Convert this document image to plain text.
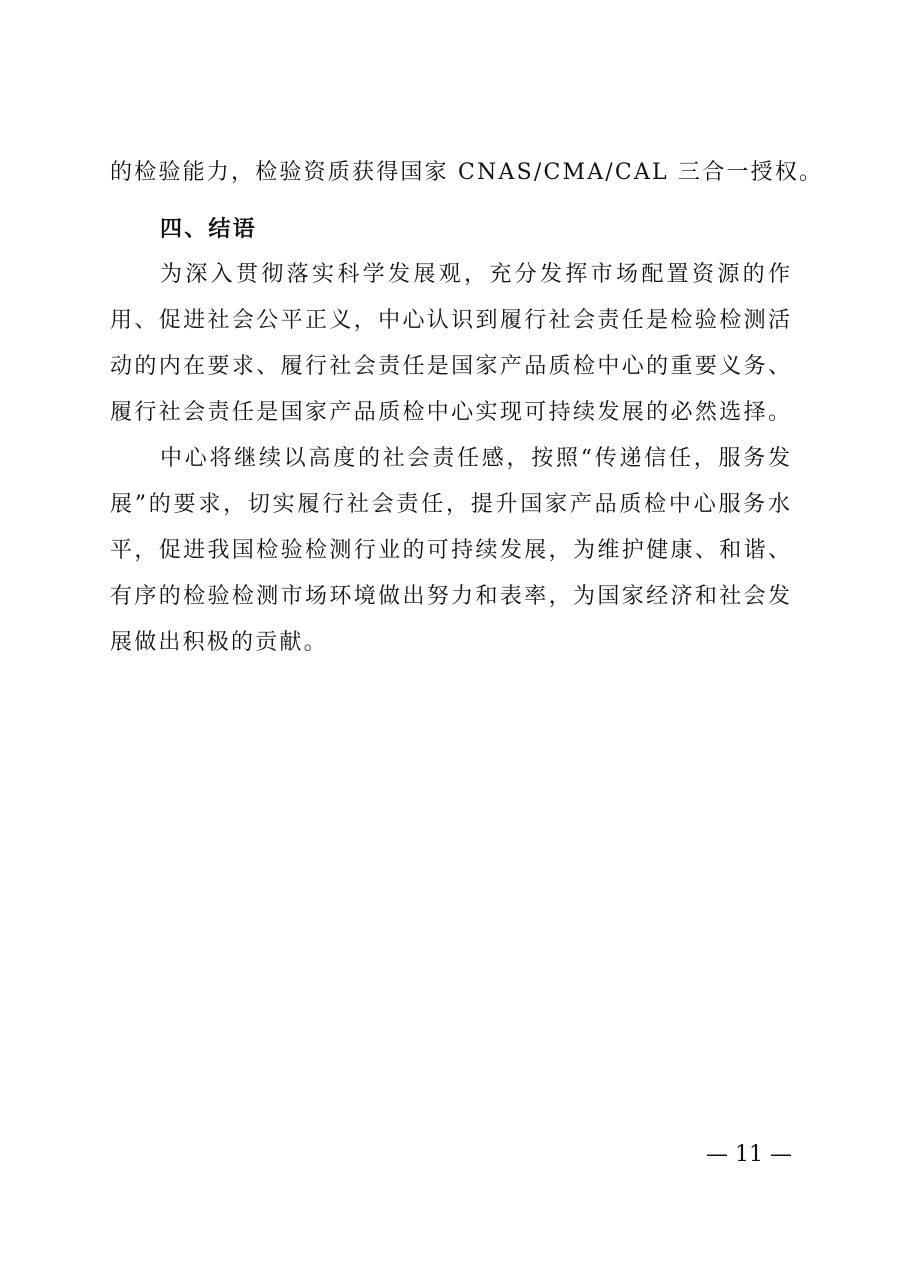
的检验能力，检验资质获得国家 CNAS/CMA/CAL 三合一授权。
四、结语
为深入贯彻落实科学发展观，充分发挥市场配置资源的作
用、促进社会公平正义，中心认识到履行社会责任是检验检测活
动的内在要求、履行社会责任是国家产品质检中心的重要义务、
履行社会责任是国家产品质检中心实现可持续发展的必然选择。
中心将继续以高度的社会责任感，按照“传递信任，服务发
展”的要求，切实履行社会责任，提升国家产品质检中心服务水
平，促进我国检验检测行业的可持续发展，为维护健康、和谐、
有序的检验检测市场环境做出努力和表率，为国家经济和社会发
展做出积极的贡献。
— 11 —
